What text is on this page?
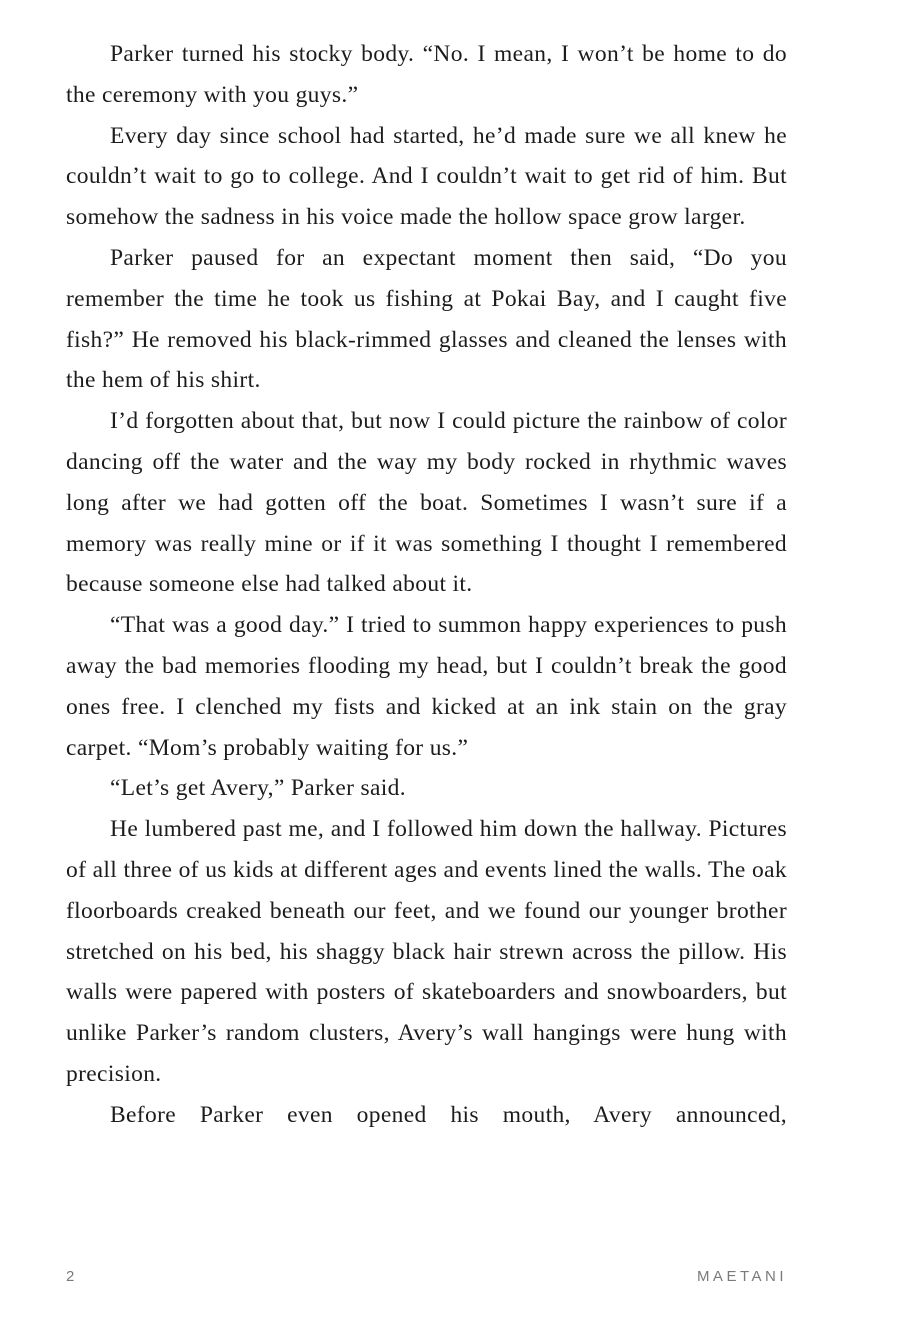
Parker turned his stocky body. “No. I mean, I won’t be home to do the ceremony with you guys.”

Every day since school had started, he’d made sure we all knew he couldn’t wait to go to college. And I couldn’t wait to get rid of him. But somehow the sadness in his voice made the hollow space grow larger.

Parker paused for an expectant moment then said, “Do you remember the time he took us fishing at Pokai Bay, and I caught five fish?” He removed his black-rimmed glasses and cleaned the lenses with the hem of his shirt.

I’d forgotten about that, but now I could picture the rainbow of color dancing off the water and the way my body rocked in rhythmic waves long after we had gotten off the boat. Sometimes I wasn’t sure if a memory was really mine or if it was something I thought I remembered because someone else had talked about it.

“That was a good day.” I tried to summon happy experiences to push away the bad memories flooding my head, but I couldn’t break the good ones free. I clenched my fists and kicked at an ink stain on the gray carpet. “Mom’s probably waiting for us.”

“Let’s get Avery,” Parker said.

He lumbered past me, and I followed him down the hallway. Pictures of all three of us kids at different ages and events lined the walls. The oak floorboards creaked beneath our feet, and we found our younger brother stretched on his bed, his shaggy black hair strewn across the pillow. His walls were papered with posters of skateboarders and snowboarders, but unlike Parker’s random clusters, Avery’s wall hangings were hung with precision.

Before Parker even opened his mouth, Avery announced,

2	MAETANI
